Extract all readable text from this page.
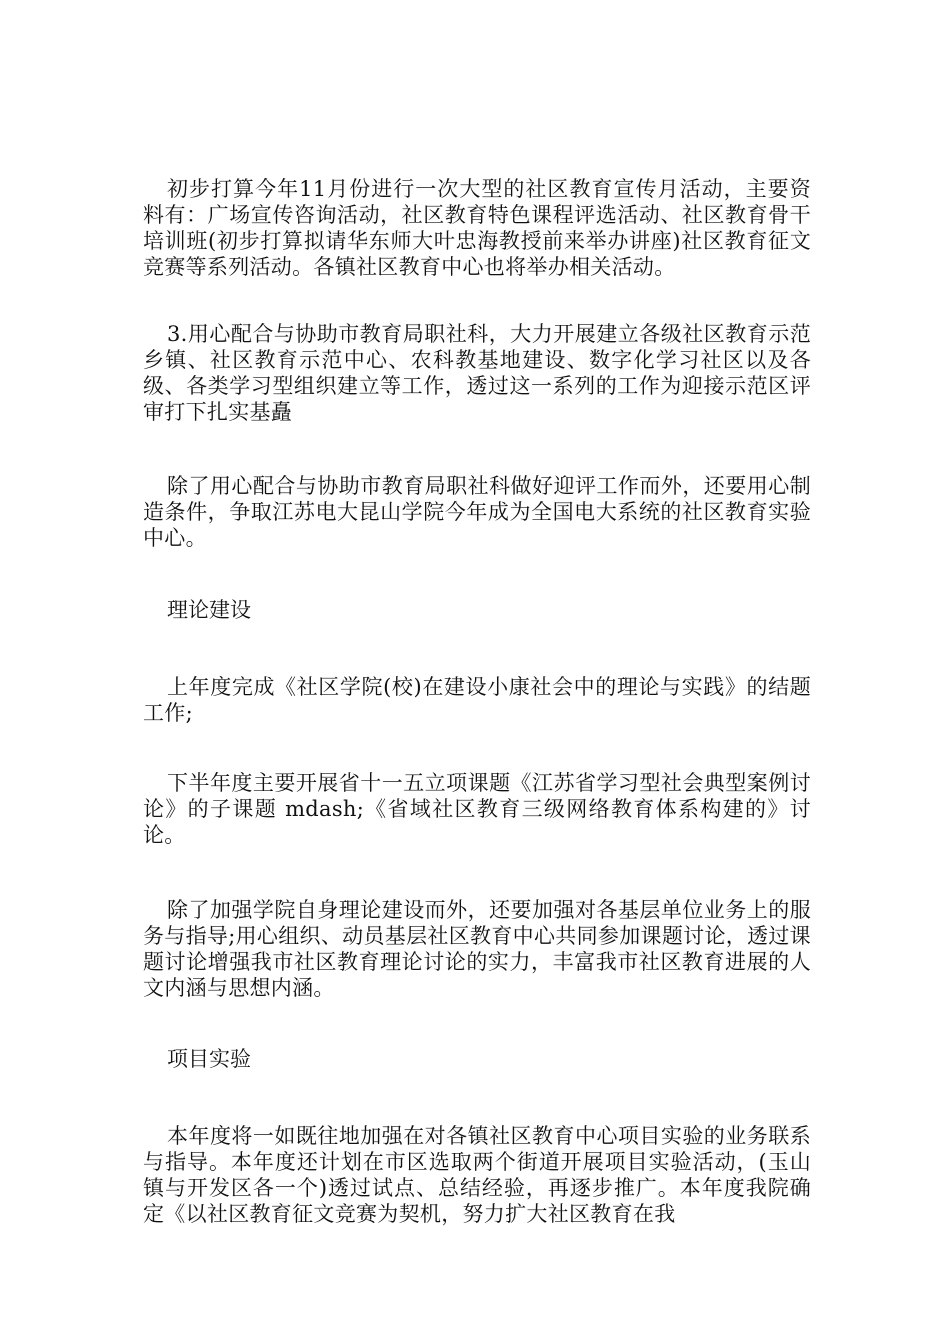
初步打算今年11月份进行一次大型的社区教育宣传月活动，主要资料有：广场宣传咨询活动，社区教育特色课程评选活动、社区教育骨干培训班(初步打算拟请华东师大叶忠海教授前来举办讲座)社区教育征文竞赛等系列活动。各镇社区教育中心也将举办相关活动。

3.用心配合与协助市教育局职社科，大力开展建立各级社区教育示范乡镇、社区教育示范中心、农科教基地建设、数字化学习社区以及各级、各类学习型组织建立等工作，透过这一系列的工作为迎接示范区评审打下扎实基矗

除了用心配合与协助市教育局职社科做好迎评工作而外，还要用心制造条件，争取江苏电大昆山学院今年成为全国电大系统的社区教育实验中心。

理论建设

上年度完成《社区学院(校)在建设小康社会中的理论与实践》的结题工作;

下半年度主要开展省十一五立项课题《江苏省学习型社会典型案例讨论》的子课题 mdash;《省域社区教育三级网络教育体系构建的》讨论。

除了加强学院自身理论建设而外，还要加强对各基层单位业务上的服务与指导;用心组织、动员基层社区教育中心共同参加课题讨论，透过课题讨论增强我市社区教育理论讨论的实力，丰富我市社区教育进展的人文内涵与思想内涵。

项目实验

本年度将一如既往地加强在对各镇社区教育中心项目实验的业务联系与指导。本年度还计划在市区选取两个街道开展项目实验活动，(玉山镇与开发区各一个)透过试点、总结经验，再逐步推广。本年度我院确定《以社区教育征文竞赛为契机，努力扩大社区教育在我
